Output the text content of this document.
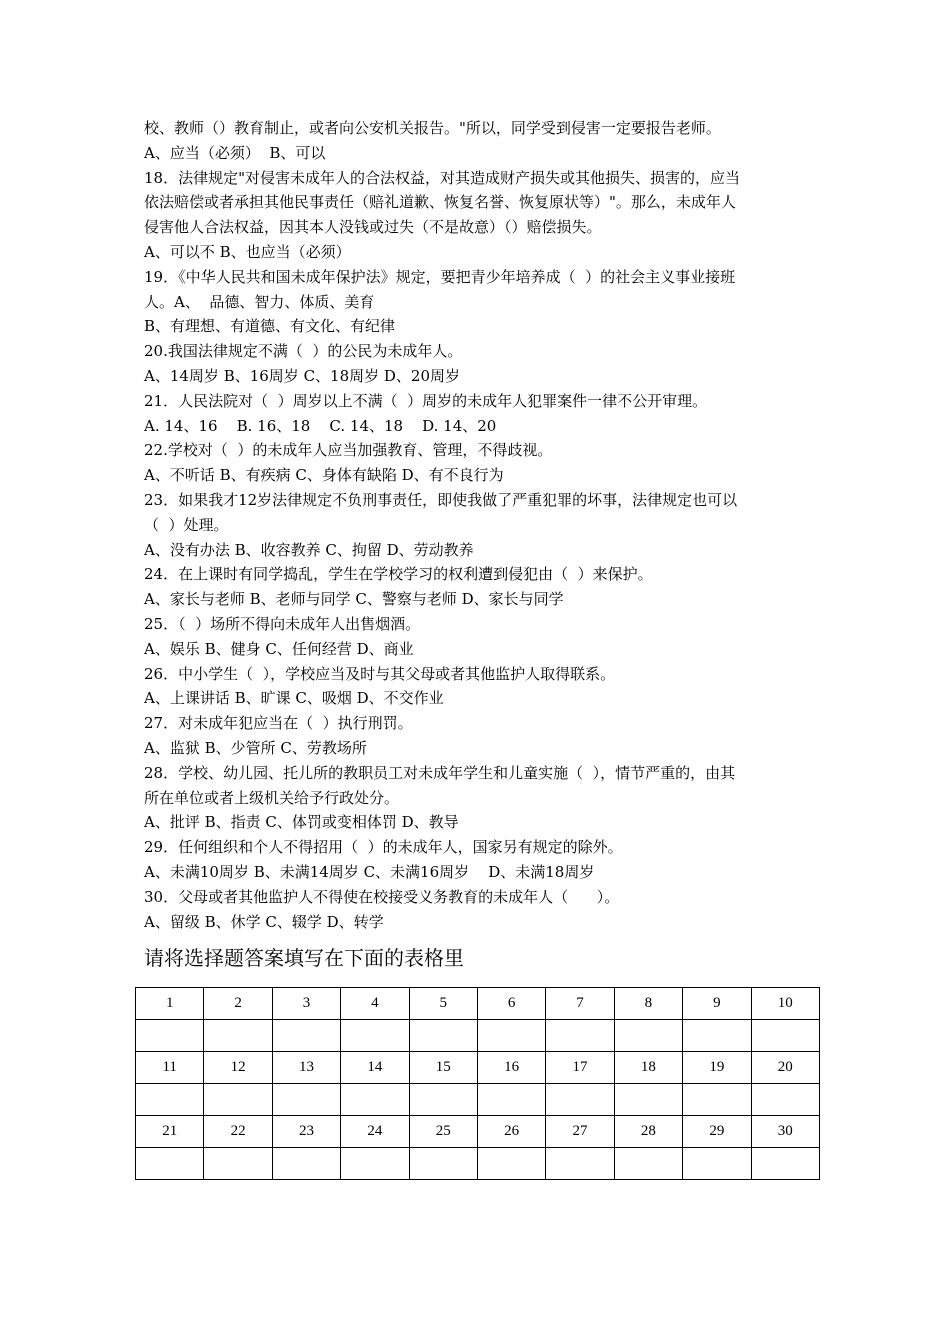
校、教师（）教育制止，或者向公安机关报告。"所以，同学受到侵害一定要报告老师。
A、应当（必须）  B、可以
18．法律规定"对侵害未成年人的合法权益，对其造成财产损失或其他损失、损害的，应当
依法赔偿或者承担其他民事责任（赔礼道歉、恢复名誉、恢复原状等）"。那么，未成年人
侵害他人合法权益，因其本人没钱或过失（不是故意）（）赔偿损失。
A、可以不 B、也应当（必须）
19．《中华人民共和国未成年保护法》规定，要把青少年培养成（  ）的社会主义事业接班
人。A、  品德、智力、体质、美育
B、有理想、有道德、有文化、有纪律
20.我国法律规定不满（  ）的公民为未成年人。
A、14周岁 B、16周岁 C、18周岁 D、20周岁
21．人民法院对（  ）周岁以上不满（  ）周岁的未成年人犯罪案件一律不公开审理。
A. 14、16    B. 16、18    C. 14、18    D. 14、20
22.学校对（  ）的未成年人应当加强教育、管理，不得歧视。
A、不听话 B、有疾病 C、身体有缺陷 D、有不良行为
23．如果我才12岁法律规定不负刑事责任，即使我做了严重犯罪的坏事，法律规定也可以
（  ）处理。
A、没有办法 B、收容教养 C、拘留 D、劳动教养
24．在上课时有同学捣乱，学生在学校学习的权利遭到侵犯由（  ）来保护。
A、家长与老师 B、老师与同学 C、警察与老师 D、家长与同学
25．（  ）场所不得向未成年人出售烟酒。
A、娱乐 B、健身 C、任何经营 D、商业
26．中小学生（  ），学校应当及时与其父母或者其他监护人取得联系。
A、上课讲话 B、旷课 C、吸烟 D、不交作业
27．对未成年犯应当在（  ）执行刑罚。
A、监狱 B、少管所 C、劳教场所
28．学校、幼儿园、托儿所的教职员工对未成年学生和儿童实施（  ），情节严重的，由其
所在单位或者上级机关给予行政处分。
A、批评 B、指责 C、体罚或变相体罚 D、教导
29．任何组织和个人不得招用（  ）的未成年人，国家另有规定的除外。
A、未满10周岁 B、未满14周岁 C、未满16周岁    D、未满18周岁
30．父母或者其他监护人不得使在校接受义务教育的未成年人（      ）。
A、留级 B、休学 C、辍学 D、转学
请将选择题答案填写在下面的表格里
1	2	3	4	5	6	7	8	9	10

11	12	13	14	15	16	17	18	19	20

21	22	23	24	25	26	27	28	29	30
